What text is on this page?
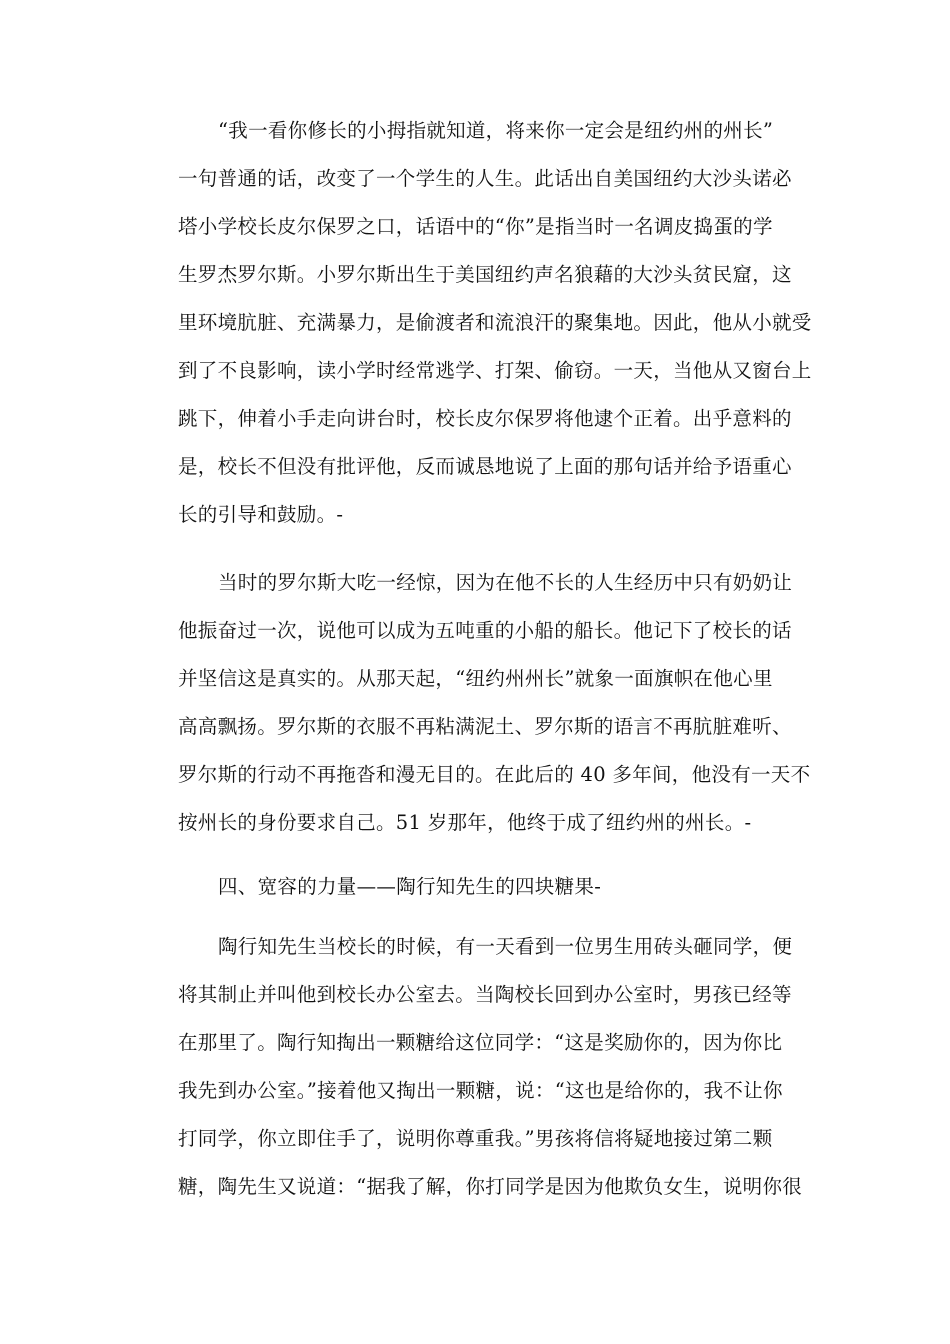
“我一看你修长的小拇指就知道，将来你一定会是纽约州的州长”
一句普通的话，改变了一个学生的人生。此话出自美国纽约大沙头诺必
塔小学校长皮尔保罗之口，话语中的“你”是指当时一名调皮捣蛋的学
生罗杰罗尔斯。小罗尔斯出生于美国纽约声名狼藉的大沙头贫民窟，这
里环境肮脏、充满暴力，是偷渡者和流浪汗的聚集地。因此，他从小就受
到了不良影响，读小学时经常逃学、打架、偷窃。一天，当他从又窗台上
跳下，伸着小手走向讲台时，校长皮尔保罗将他逮个正着。出乎意料的
是，校长不但没有批评他，反而诚恳地说了上面的那句话并给予语重心
长的引导和鼓励。-
当时的罗尔斯大吃一经惊，因为在他不长的人生经历中只有奶奶让
他振奋过一次，说他可以成为五吨重的小船的船长。他记下了校长的话
并坚信这是真实的。从那天起，“纽约州州长”就象一面旗帜在他心里
高高飘扬。罗尔斯的衣服不再粘满泥土、罗尔斯的语言不再肮脏难听、
罗尔斯的行动不再拖沓和漫无目的。在此后的 40 多年间，他没有一天不
按州长的身份要求自己。51 岁那年，他终于成了纽约州的州长。-
四、宽容的力量——陶行知先生的四块糖果-
陶行知先生当校长的时候，有一天看到一位男生用砖头砸同学，便
将其制止并叫他到校长办公室去。当陶校长回到办公室时，男孩已经等
在那里了。陶行知掏出一颗糖给这位同学：“这是奖励你的，因为你比
我先到办公室。”接着他又掏出一颗糖，说：“这也是给你的，我不让你
打同学，你立即住手了，说明你尊重我。”男孩将信将疑地接过第二颗
糖，陶先生又说道：“据我了解，你打同学是因为他欺负女生，说明你很
